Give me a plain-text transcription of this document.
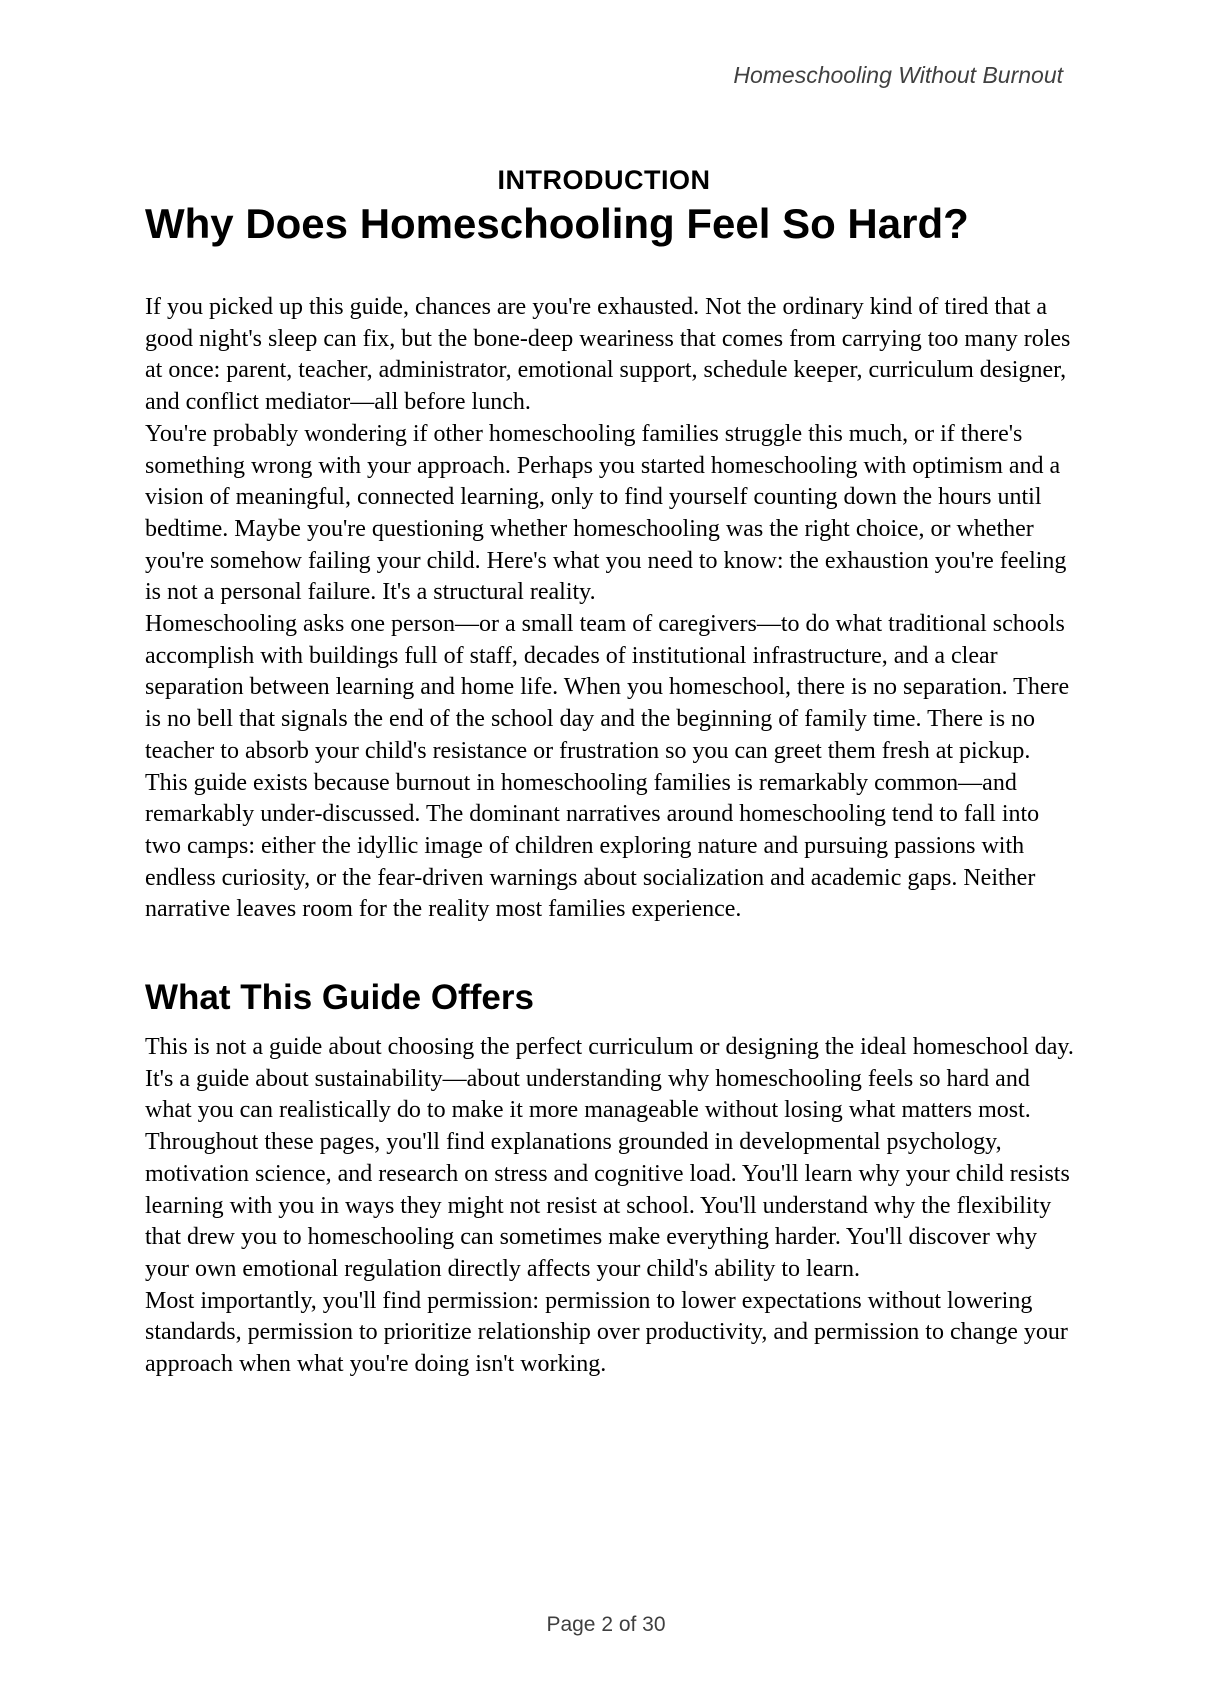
Homeschooling Without Burnout
INTRODUCTION
Why Does Homeschooling Feel So Hard?

If you picked up this guide, chances are you're exhausted. Not the ordinary kind of tired that a good night's sleep can fix, but the bone-deep weariness that comes from carrying too many roles at once: parent, teacher, administrator, emotional support, schedule keeper, curriculum designer, and conflict mediator—all before lunch.

You're probably wondering if other homeschooling families struggle this much, or if there's something wrong with your approach. Perhaps you started homeschooling with optimism and a vision of meaningful, connected learning, only to find yourself counting down the hours until bedtime. Maybe you're questioning whether homeschooling was the right choice, or whether you're somehow failing your child. Here's what you need to know: the exhaustion you're feeling is not a personal failure. It's a structural reality.

Homeschooling asks one person—or a small team of caregivers—to do what traditional schools accomplish with buildings full of staff, decades of institutional infrastructure, and a clear separation between learning and home life. When you homeschool, there is no separation. There is no bell that signals the end of the school day and the beginning of family time. There is no teacher to absorb your child's resistance or frustration so you can greet them fresh at pickup.

This guide exists because burnout in homeschooling families is remarkably common—and remarkably under-discussed. The dominant narratives around homeschooling tend to fall into two camps: either the idyllic image of children exploring nature and pursuing passions with endless curiosity, or the fear-driven warnings about socialization and academic gaps. Neither narrative leaves room for the reality most families experience.

What This Guide Offers

This is not a guide about choosing the perfect curriculum or designing the ideal homeschool day. It's a guide about sustainability—about understanding why homeschooling feels so hard and what you can realistically do to make it more manageable without losing what matters most.

Throughout these pages, you'll find explanations grounded in developmental psychology, motivation science, and research on stress and cognitive load. You'll learn why your child resists learning with you in ways they might not resist at school. You'll understand why the flexibility that drew you to homeschooling can sometimes make everything harder. You'll discover why your own emotional regulation directly affects your child's ability to learn.

Most importantly, you'll find permission: permission to lower expectations without lowering standards, permission to prioritize relationship over productivity, and permission to change your approach when what you're doing isn't working.

Page 2 of 30
